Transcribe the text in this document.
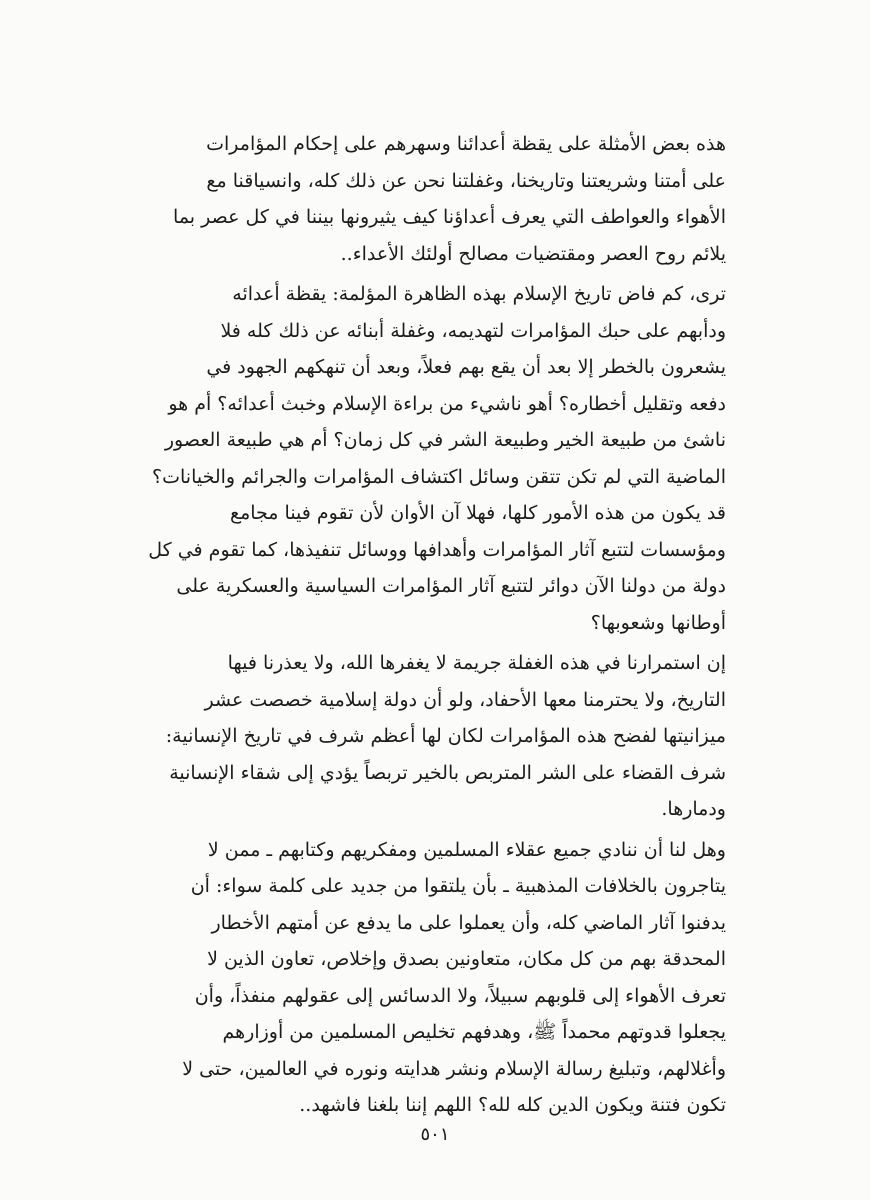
هذه بعض الأمثلة على يقظة أعدائنا وسهرهم على إحكام المؤامرات
على أمتنا وشريعتنا وتاريخنا، وغفلتنا نحن عن ذلك كله، وانسياقنا مع
الأهواء والعواطف التي يعرف أعداؤنا كيف يثيرونها بيننا في كل عصر بما
يلائم روح العصر ومقتضيات مصالح أولئك الأعداء..
ترى، كم فاض تاريخ الإسلام بهذه الظاهرة المؤلمة: يقظة أعدائه
ودأبهم على حبك المؤامرات لتهديمه، وغفلة أبنائه عن ذلك كله فلا
يشعرون بالخطر إلا بعد أن يقع بهم فعلاً، وبعد أن تنهكهم الجهود في
دفعه وتقليل أخطاره؟ أهو ناشيء من براءة الإسلام وخبث أعدائه؟ أم هو
ناشئ من طبيعة الخير وطبيعة الشر في كل زمان؟ أم هي طبيعة العصور
الماضية التي لم تكن تتقن وسائل اكتشاف المؤامرات والجرائم والخيانات؟
قد يكون من هذه الأمور كلها، فهلا آن الأوان لأن تقوم فينا مجامع
ومؤسسات لتتبع آثار المؤامرات وأهدافها ووسائل تنفيذها، كما تقوم في كل
دولة من دولنا الآن دوائر لتتبع آثار المؤامرات السياسية والعسكرية على
أوطانها وشعوبها؟
إن استمرارنا في هذه الغفلة جريمة لا يغفرها الله، ولا يعذرنا فيها
التاريخ، ولا يحترمنا معها الأحفاد، ولو أن دولة إسلامية خصصت عشر
ميزانيتها لفضح هذه المؤامرات لكان لها أعظم شرف في تاريخ الإنسانية:
شرف القضاء على الشر المتربص بالخير تربصاً يؤدي إلى شقاء الإنسانية
ودمارها.
وهل لنا أن ننادي جميع عقلاء المسلمين ومفكريهم وكتابهم ـ ممن لا
يتاجرون بالخلافات المذهبية ـ بأن يلتقوا من جديد على كلمة سواء: أن
يدفنوا آثار الماضي كله، وأن يعملوا على ما يدفع عن أمتهم الأخطار
المحدقة بهم من كل مكان، متعاونين بصدق وإخلاص، تعاون الذين لا
تعرف الأهواء إلى قلوبهم سبيلاً، ولا الدسائس إلى عقولهم منفذاً، وأن
يجعلوا قدوتهم محمداً ﷺ، وهدفهم تخليص المسلمين من أوزارهم
وأغلالهم، وتبليغ رسالة الإسلام ونشر هدايته ونوره في العالمين، حتى لا
تكون فتنة ويكون الدين كله لله؟ اللهم إننا بلغنا فاشهد..
٥٠١
